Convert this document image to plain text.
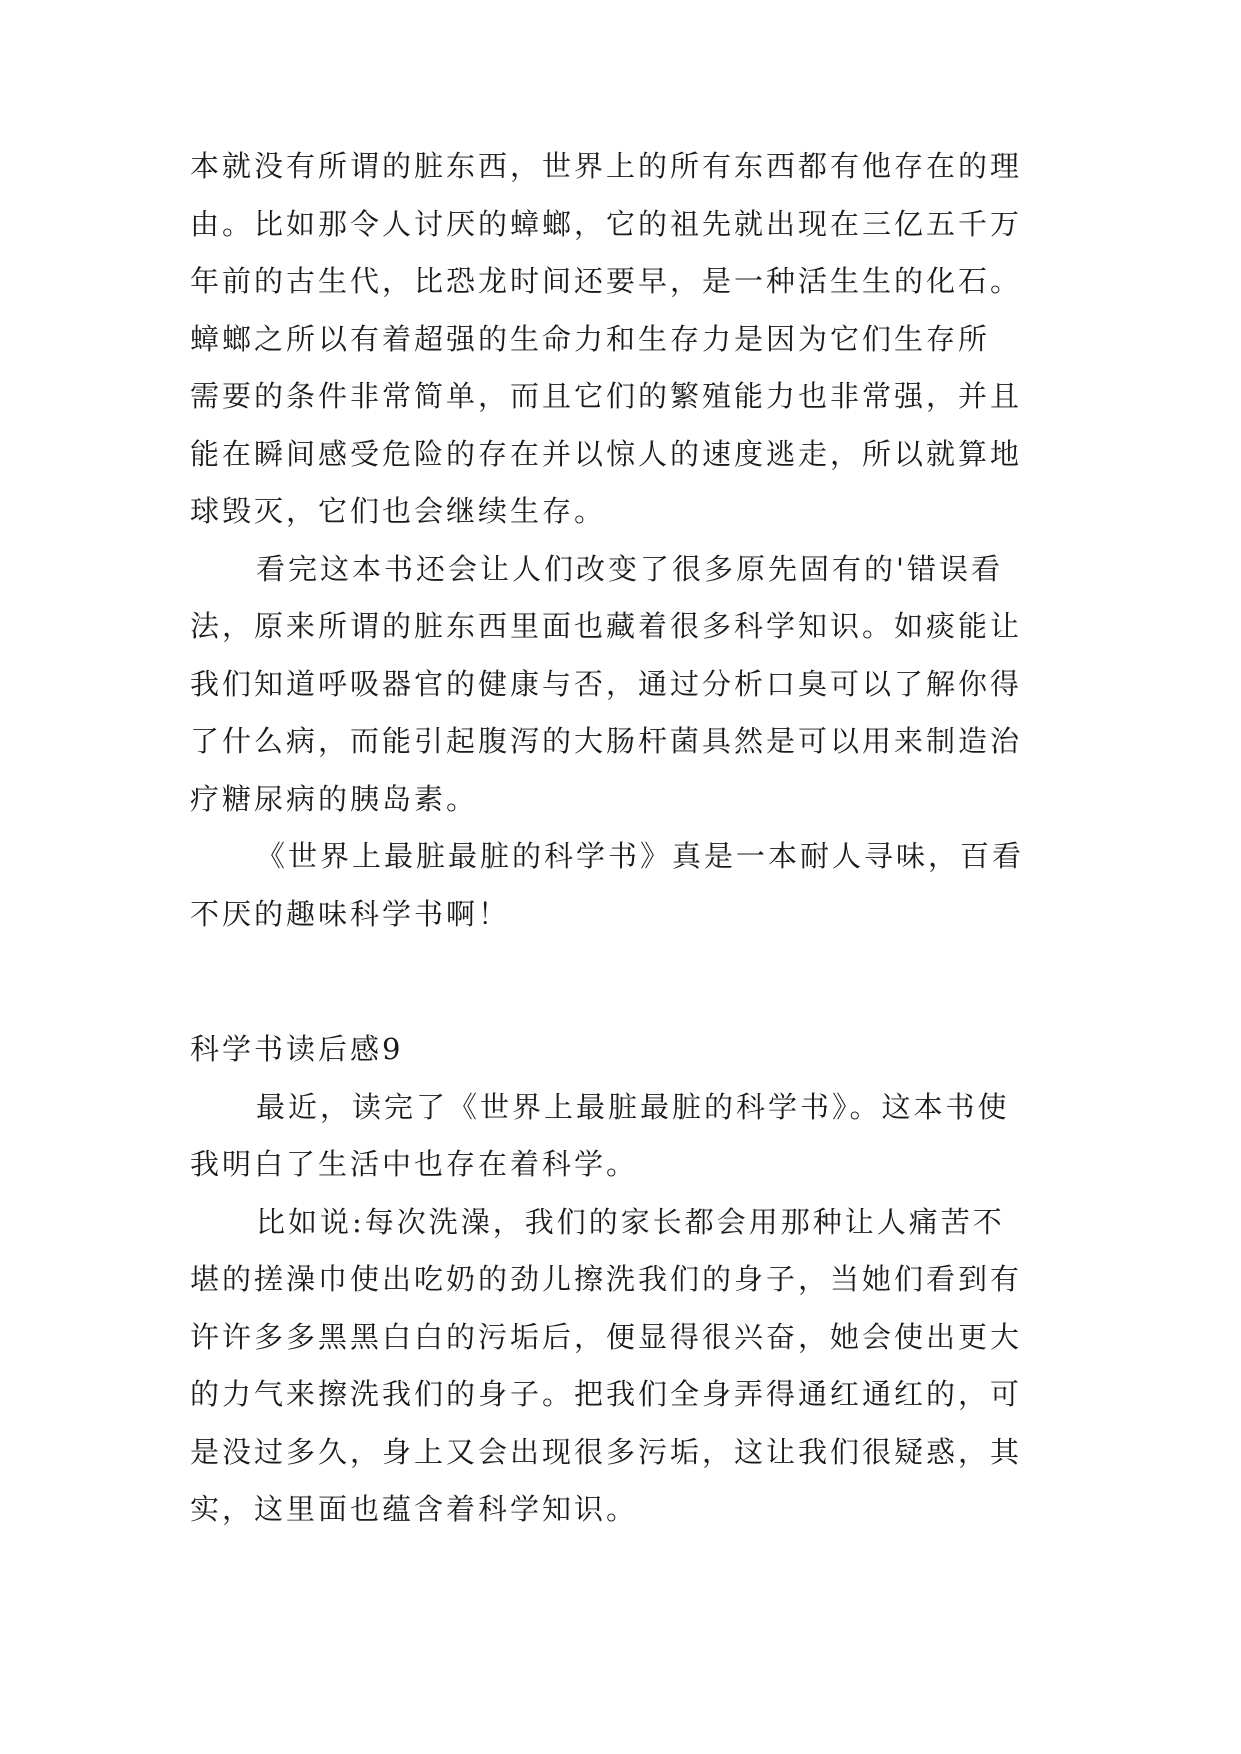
本就没有所谓的脏东西，世界上的所有东西都有他存在的理
由。比如那令人讨厌的蟑螂，它的祖先就出现在三亿五千万
年前的古生代，比恐龙时间还要早，是一种活生生的化石。
蟑螂之所以有着超强的生命力和生存力是因为它们生存所
需要的条件非常简单，而且它们的繁殖能力也非常强，并且
能在瞬间感受危险的存在并以惊人的速度逃走，所以就算地
球毁灭，它们也会继续生存。
看完这本书还会让人们改变了很多原先固有的'错误看
法，原来所谓的脏东西里面也藏着很多科学知识。如痰能让
我们知道呼吸器官的健康与否，通过分析口臭可以了解你得
了什么病，而能引起腹泻的大肠杆菌具然是可以用来制造治
疗糖尿病的胰岛素。
《世界上最脏最脏的科学书》真是一本耐人寻味，百看
不厌的趣味科学书啊！
科学书读后感9
最近，读完了《世界上最脏最脏的科学书》。这本书使
我明白了生活中也存在着科学。
比如说:每次洗澡，我们的家长都会用那种让人痛苦不
堪的搓澡巾使出吃奶的劲儿擦洗我们的身子，当她们看到有
许许多多黑黑白白的污垢后，便显得很兴奋，她会使出更大
的力气来擦洗我们的身子。把我们全身弄得通红通红的，可
是没过多久，身上又会出现很多污垢，这让我们很疑惑，其
实，这里面也蕴含着科学知识。
